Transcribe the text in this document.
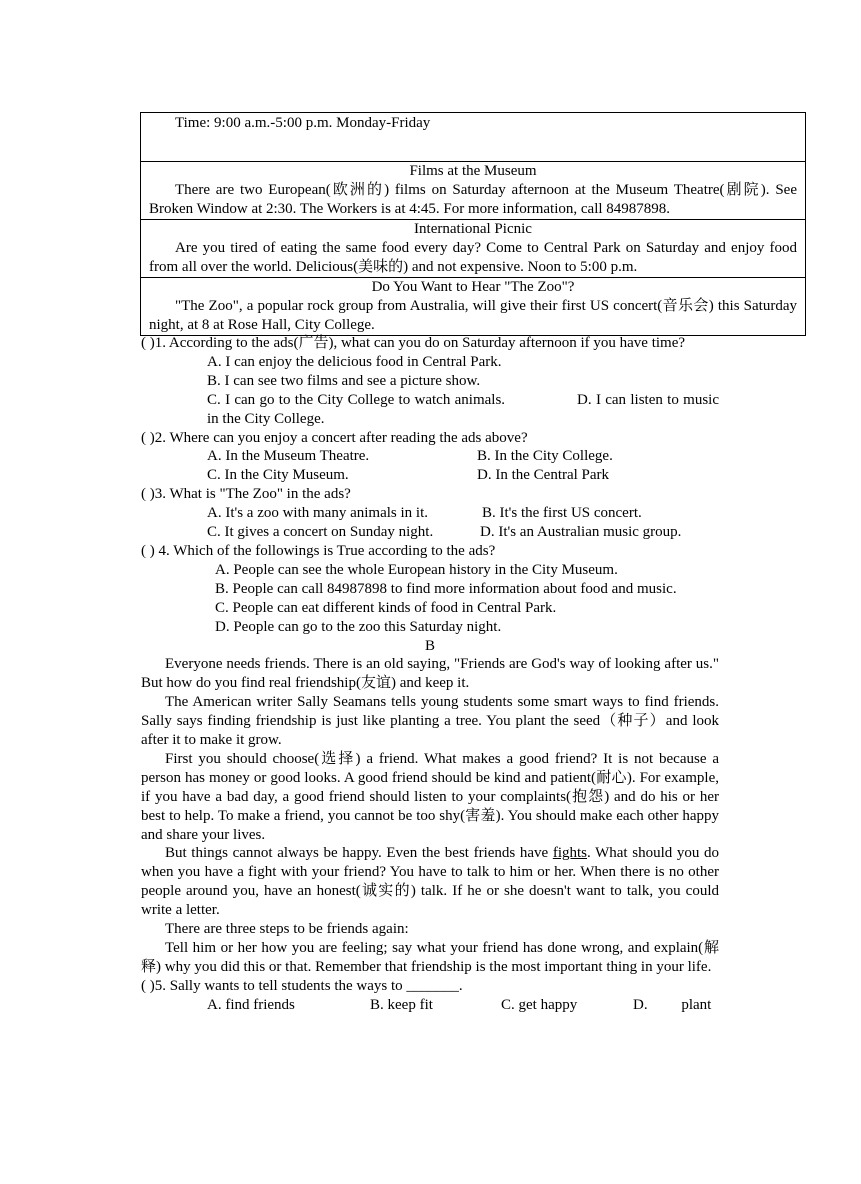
Time: 9:00 a.m.-5:00 p.m. Monday-Friday

Films at the Museum
There are two European(欧洲的) films on Saturday afternoon at the Museum Theatre(剧院). See Broken Window at 2:30. The Workers is at 4:45. For more information, call 84987898.

International Picnic
Are you tired of eating the same food every day? Come to Central Park on Saturday and enjoy food from all over the world. Delicious(美味的) and not expensive. Noon to 5:00 p.m.

Do You Want to Hear "The Zoo"?
"The Zoo", a popular rock group from Australia, will give their first US concert(音乐会) this Saturday night, at 8 at Rose Hall, City College.

( )1. According to the ads(广告), what can you do on Saturday afternoon if you have time?

A. I can enjoy the delicious food in Central Park.

B. I can see two films and see a picture show.

C. I can go to the City College to watch animals.	D. I can listen to music in the City College.

( )2. Where can you enjoy a concert after reading the ads above?

A. In the Museum Theatre.	B. In the City College.
C. In the City Museum.	D. In the Central Park

( )3. What is "The Zoo" in the ads?

A. It's a zoo with many animals in it.	B. It's the first US concert.
C. It gives a concert on Sunday night.	D. It's an Australian music group.

( ) 4. Which of the followings is True according to the ads?

A. People can see the whole European history in the City Museum.

B. People can call 84987898 to find more information about food and music.

C. People can eat different kinds of food in Central Park.

D. People can go to the zoo this Saturday night.

B

Everyone needs friends. There is an old saying, "Friends are God's way of looking after us." But how do you find real friendship(友谊) and keep it.

The American writer Sally Seamans tells young students some smart ways to find friends. Sally says finding friendship is just like planting a tree. You plant the seed（种子）and look after it to make it grow.

First you should choose(选择) a friend. What makes a good friend? It is not because a person has money or good looks. A good friend should be kind and patient(耐心). For example, if you have a bad day, a good friend should listen to your complaints(抱怨) and do his or her best to help. To make a friend, you cannot be too shy(害羞). You should make each other happy and share your lives.

But things cannot always be happy. Even the best friends have fights. What should you do when you have a fight with your friend? You have to talk to him or her. When there is no other people around you, have an honest(诚实的) talk. If he or she doesn't want to talk, you could write a letter.

There are three steps to be friends again:

Tell him or her how you are feeling; say what your friend has done wrong, and explain(解释) why you did this or that. Remember that friendship is the most important thing in your life.

( )5. Sally wants to tell students the ways to _______.

A. find friends	B. keep fit	C. get happy	D.         plant
